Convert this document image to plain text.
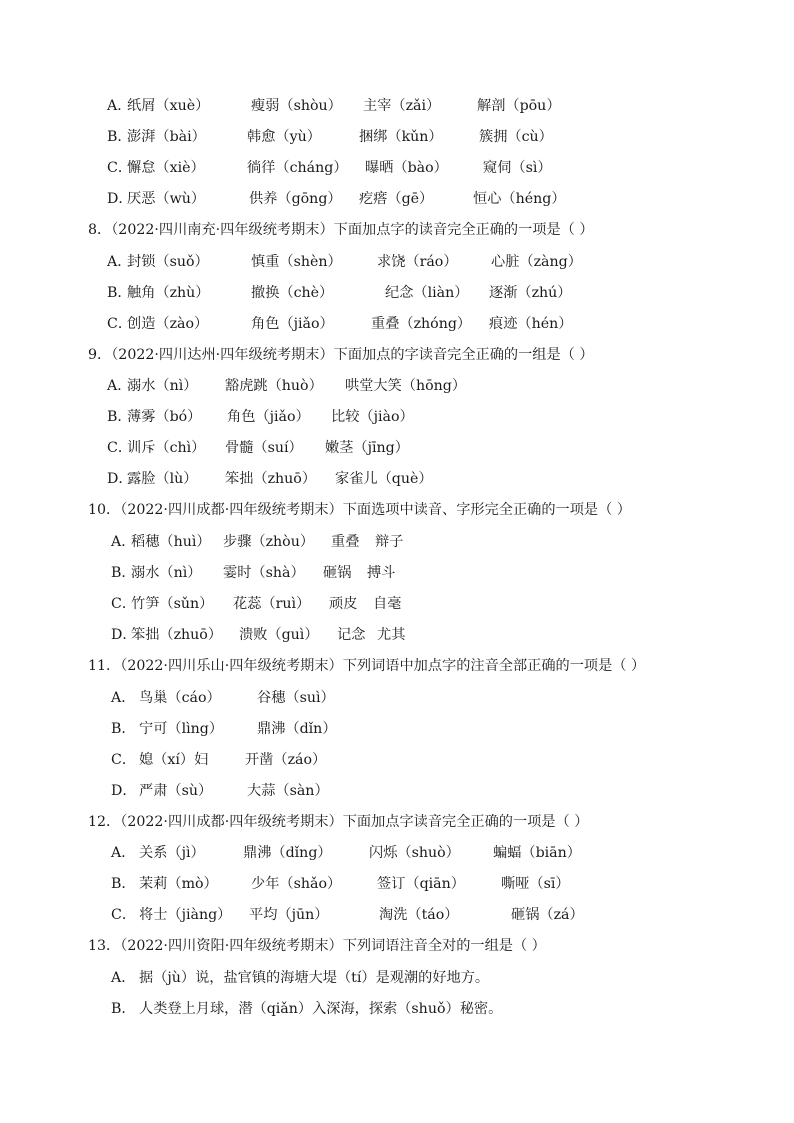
A．
纸屑（xuè）	瘦弱（shòu） 主宰（zǎi）	解剖（pōu）
B．
澎湃（bài）	韩愈（yù）	捆绑（kǔn）	簇拥（cù）
C．
懈怠（xiè）	徜徉（cháng） 曝晒（bào） 窥伺（sì）
D．
厌恶（wù）	供养（gōng） 疙瘩（gē）	恒心（héng）
8．（2022·四川南充·四年级统考期末）下面加点字的读音完全正确的一项是（ ）
A．
封锁（suǒ）	慎重（shèn） 求饶（ráo） 心脏（zàng）
B．
触角（zhù）	撤换（chè）	纪念（liàn） 逐渐（zhú）
C．
创造（zào）	角色（jiǎo）	重叠（zhóng） 痕迹（hén）
9．（2022·四川达州·四年级统考期末）下面加点的字读音完全正确的一组是（ ）
A．
溺水（nì） 豁虎跳（huò） 哄堂大笑（hōng）
B．
薄雾（bó） 角色（jiǎo） 比较（jiào）
C．
训斥（chì） 骨髓（suí） 嫩茎（jīng）
D．
露脸（lù） 笨拙（zhuō） 家雀儿（què）
10．（2022·四川成都·四年级统考期末）下面选项中读音、字形完全正确的一项是（ ）
A．
稻穗（huì） 步骤（zhòu） 重叠 辩子
B．
溺水（nì） 霎时（shà） 砸锅 搏斗
C．
竹笋（sǔn） 花蕊（ruì） 顽皮 自毫
D．
笨拙（zhuō） 溃败（guì） 记念 尤其
11．（2022·四川乐山·四年级统考期末）下列词语中加点字的注音全部正确的一项是（ ）
A． 鸟巢（cáo）	谷穗（suì）
B． 宁可（lìng） 鼎沸（dǐn）
C． 媳（xí）妇	开凿（záo）
D． 严肃（sù） 大蒜（sàn）
12．（2022·四川成都·四年级统考期末）下面加点字读音完全正确的一项是（ ）
A． 关系（jì）	鼎沸（dǐng）	闪烁（shuò） 蝙蝠（biān）
B． 茉莉（mò） 少年（shǎo）	签订（qiān）	嘶哑（sī）
C． 将士（jiàng） 平均（jūn）	淘洗（táo）	砸锅（zá）
13．（2022·四川资阳·四年级统考期末）下列词语注音全对的一组是（ ）
A． 据（jù）说，盐官镇的海塘大堤（tí）是观潮的好地方。
B． 人类登上月球，潜（qiǎn）入深海，探索（shuǒ）秘密。
